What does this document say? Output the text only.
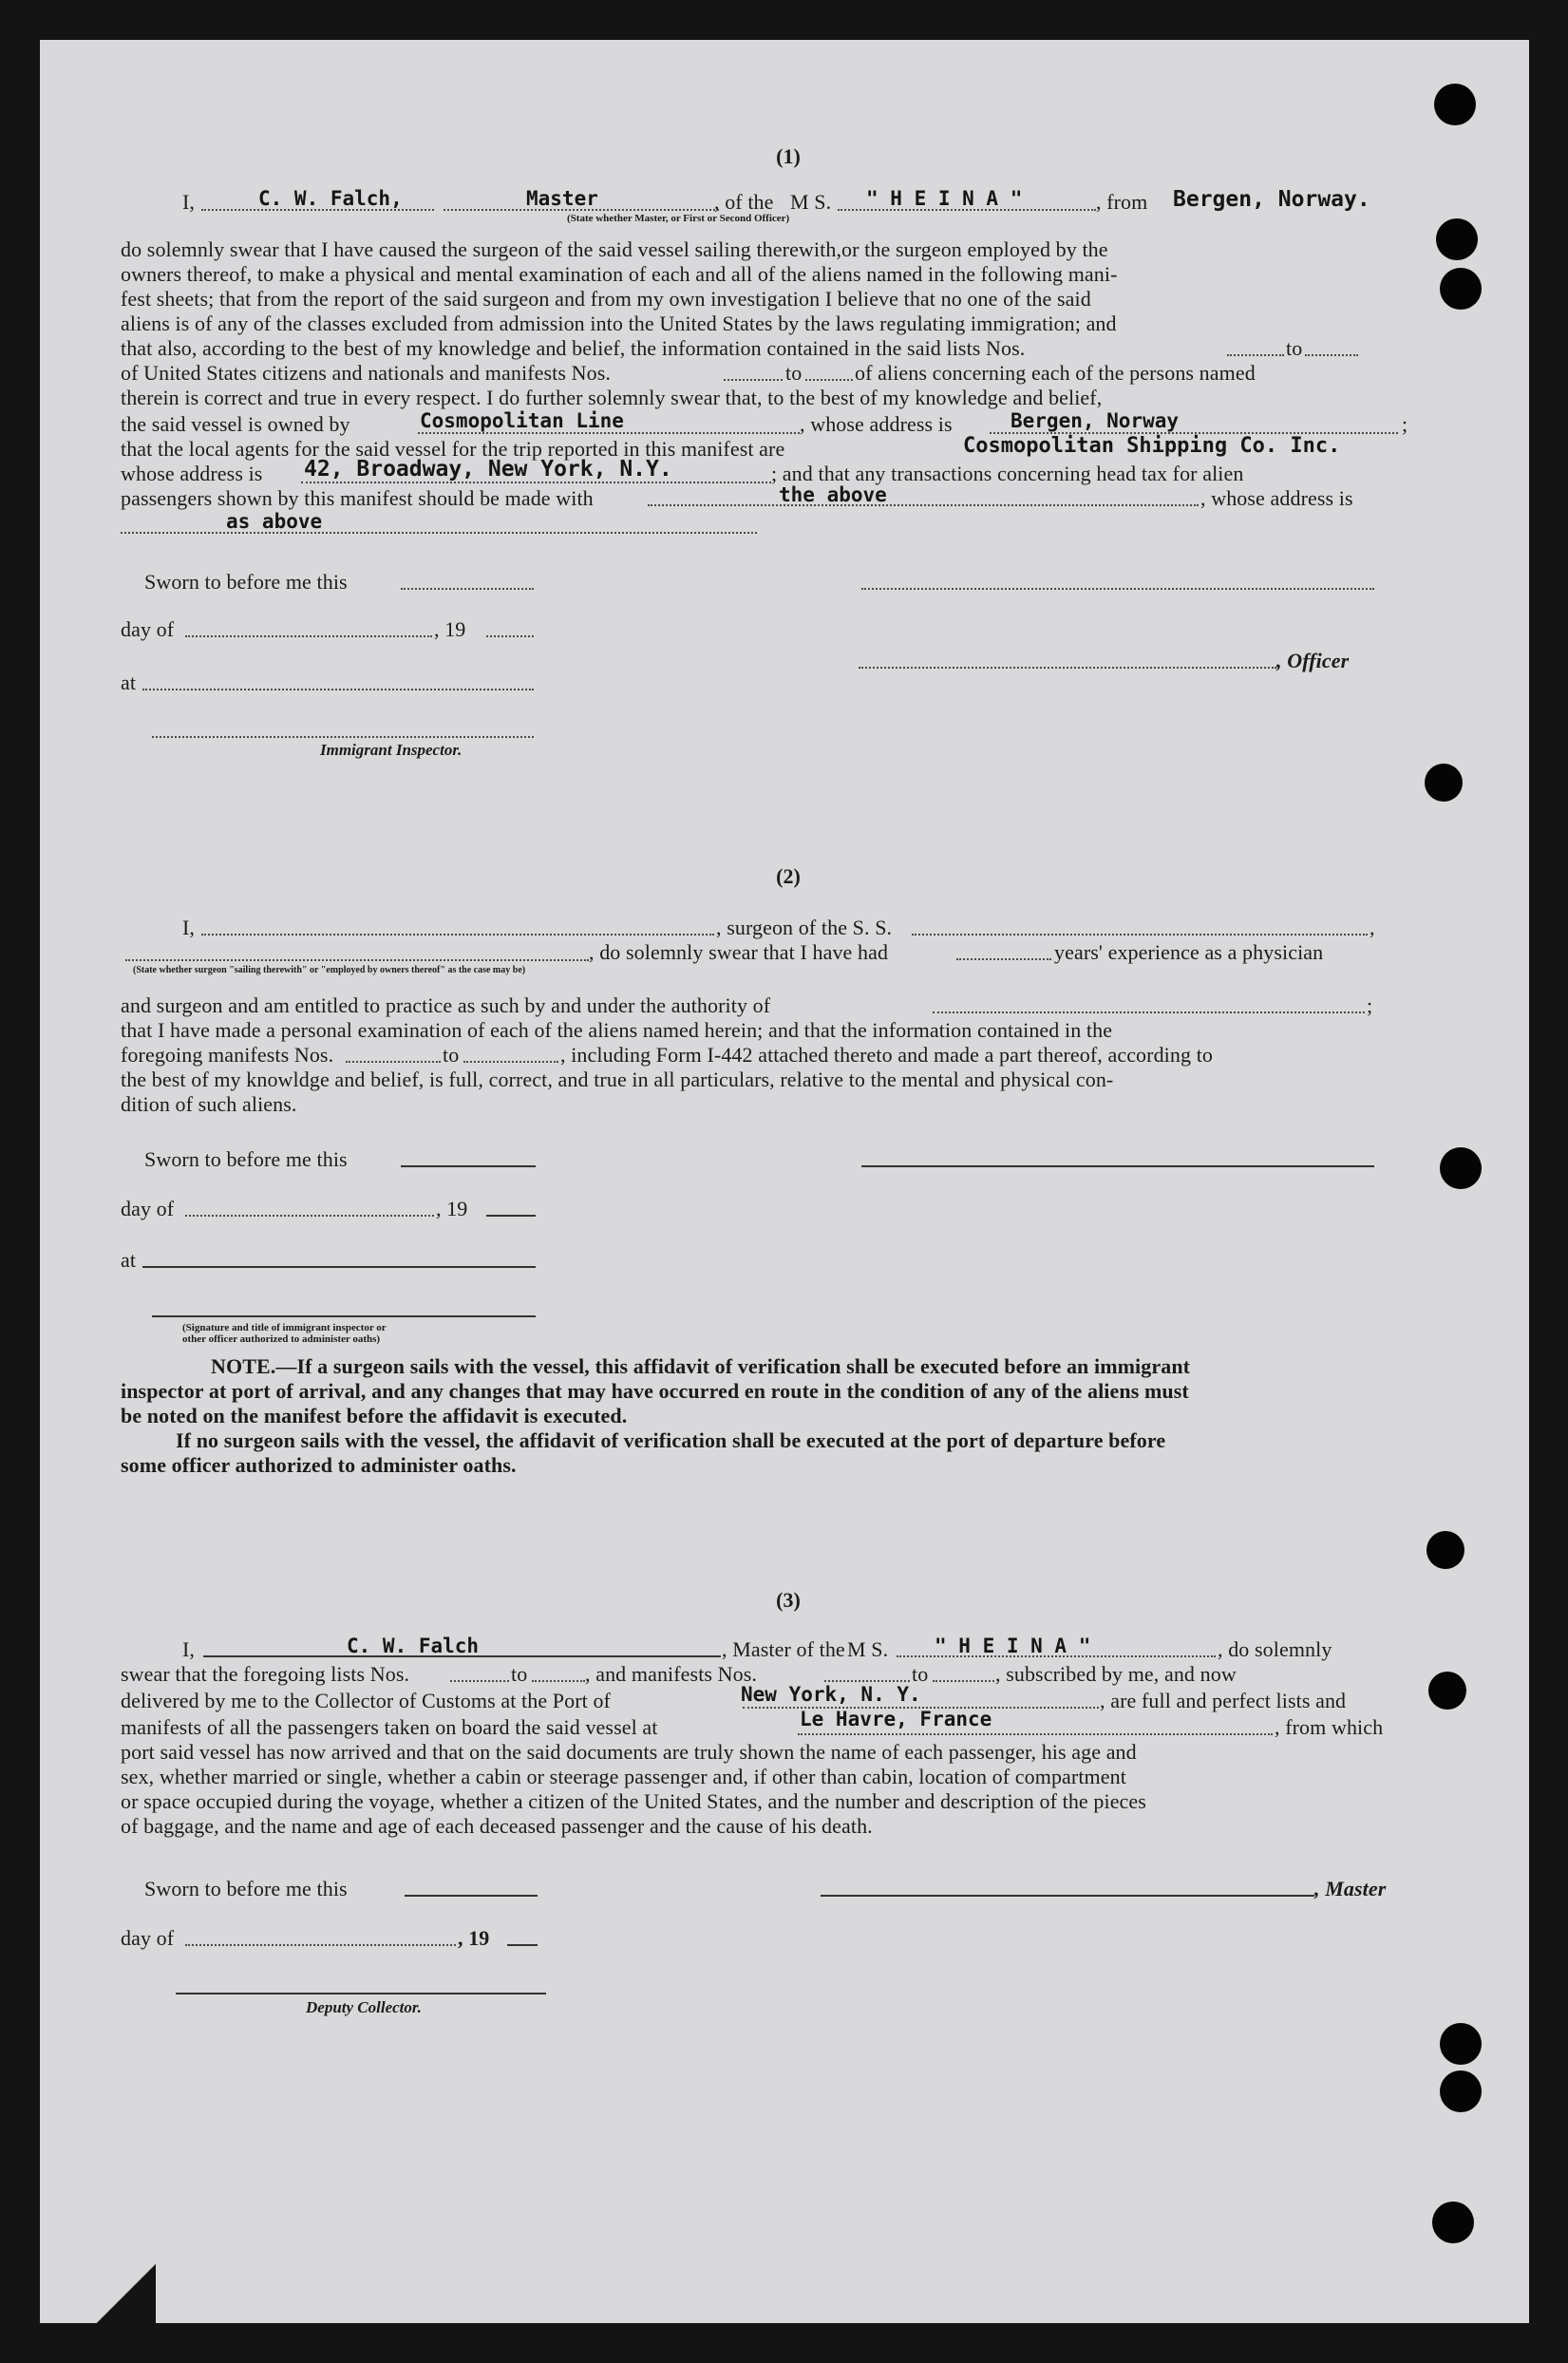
(1)
I,	C. W. Falch,	Master	, of the M S. " H E I N A "	, from Bergen, Norway.
(State whether Master, or First or Second Officer)
do solemnly swear that I have caused the surgeon of the said vessel sailing therewith,or the surgeon employed by the
owners thereof, to make a physical and mental examination of each and all of the aliens named in the following mani-
fest sheets; that from the report of the said surgeon and from my own investigation I believe that no one of the said
aliens is of any of the classes excluded from admission into the United States by the laws regulating immigration; and
that also, according to the best of my knowledge and belief, the information contained in the said lists Nos.	to
of United States citizens and nationals and manifests Nos.	to	of aliens concerning each of the persons named
therein is correct and true in every respect. I do further solemnly swear that, to the best of my knowledge and belief,
the said vessel is owned by	Cosmopolitan Line	, whose address is	Bergen, Norway	;
that the local agents for the said vessel for the trip reported in this manifest are	Cosmopolitan Shipping Co. Inc.
whose address is 42, Broadway, New York, N.Y.	; and that any transactions concerning head tax for alien
passengers shown by this manifest should be made with	the above	, whose address is
as above
Sworn to before me this
day of	, 19
, Officer
at
Immigrant Inspector.
(2)
I,	, surgeon of the S. S.	,
, do solemnly swear that I have had	years' experience as a physician
(State whether surgeon "sailing therewith" or "employed by owners thereof" as the case may be)
and surgeon and am entitled to practice as such by and under the authority of	;
that I have made a personal examination of each of the aliens named herein; and that the information contained in the
foregoing manifests Nos.	to	, including Form I-442 attached thereto and made a part thereof, according to
the best of my knowldge and belief, is full, correct, and true in all particulars, relative to the mental and physical con-
dition of such aliens.
Sworn to before me this
day of	, 19
at
(Signature and title of immigrant inspector or
other officer authorized to administer oaths)
NOTE.—If a surgeon sails with the vessel, this affidavit of verification shall be executed before an immigrant
inspector at port of arrival, and any changes that may have occurred en route in the condition of any of the aliens must
be noted on the manifest before the affidavit is executed.
If no surgeon sails with the vessel, the affidavit of verification shall be executed at the port of departure before
some officer authorized to administer oaths.
(3)
I,	C. W. Falch	, Master of the M S. " H E I N A "	, do solemnly
swear that the foregoing lists Nos.	to	, and manifests Nos.	to	, subscribed by me, and now
delivered by me to the Collector of Customs at the Port of	New York, N. Y.	, are full and perfect lists and
manifests of all the passengers taken on board the said vessel at	Le Havre, France	, from which
port said vessel has now arrived and that on the said documents are truly shown the name of each passenger, his age and
sex, whether married or single, whether a cabin or steerage passenger and, if other than cabin, location of compartment
or space occupied during the voyage, whether a citizen of the United States, and the number and description of the pieces
of baggage, and the name and age of each deceased passenger and the cause of his death.
Sworn to before me this	, Master
day of	, 19
Deputy Collector.
